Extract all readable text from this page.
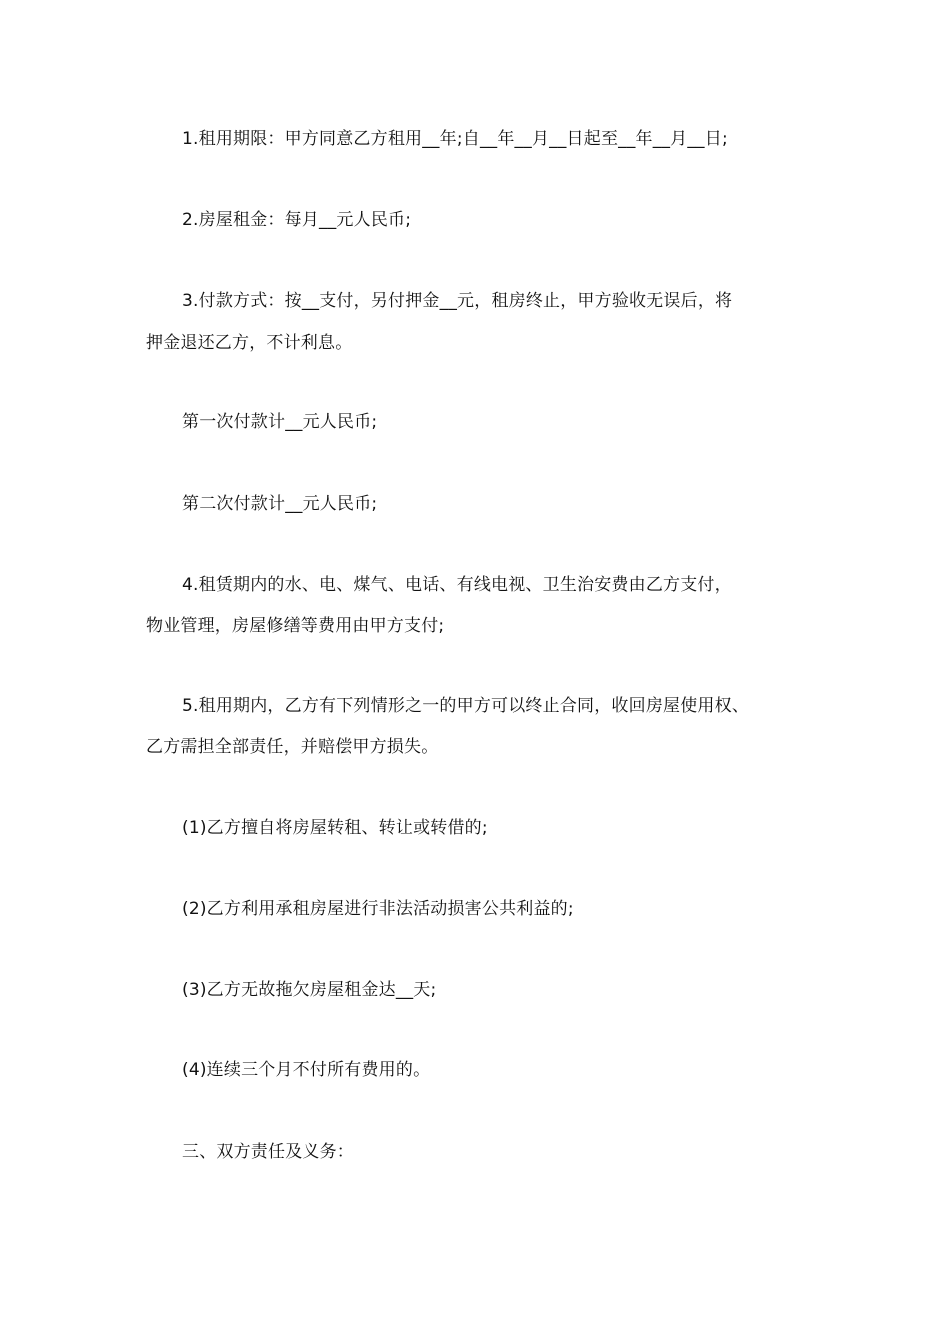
1.租用期限：甲方同意乙方租用__年;自__年__月__日起至__年__月__日;
2.房屋租金：每月__元人民币;
3.付款方式：按__支付，另付押金__元，租房终止，甲方验收无误后，将
押金退还乙方，不计利息。
第一次付款计__元人民币;
第二次付款计__元人民币;
4.租赁期内的水、电、煤气、电话、有线电视、卫生治安费由乙方支付，
物业管理，房屋修缮等费用由甲方支付;
5.租用期内，乙方有下列情形之一的甲方可以终止合同，收回房屋使用权、
乙方需担全部责任，并赔偿甲方损失。
(1)乙方擅自将房屋转租、转让或转借的;
(2)乙方利用承租房屋进行非法活动损害公共利益的;
(3)乙方无故拖欠房屋租金达__天;
(4)连续三个月不付所有费用的。
三、双方责任及义务：
